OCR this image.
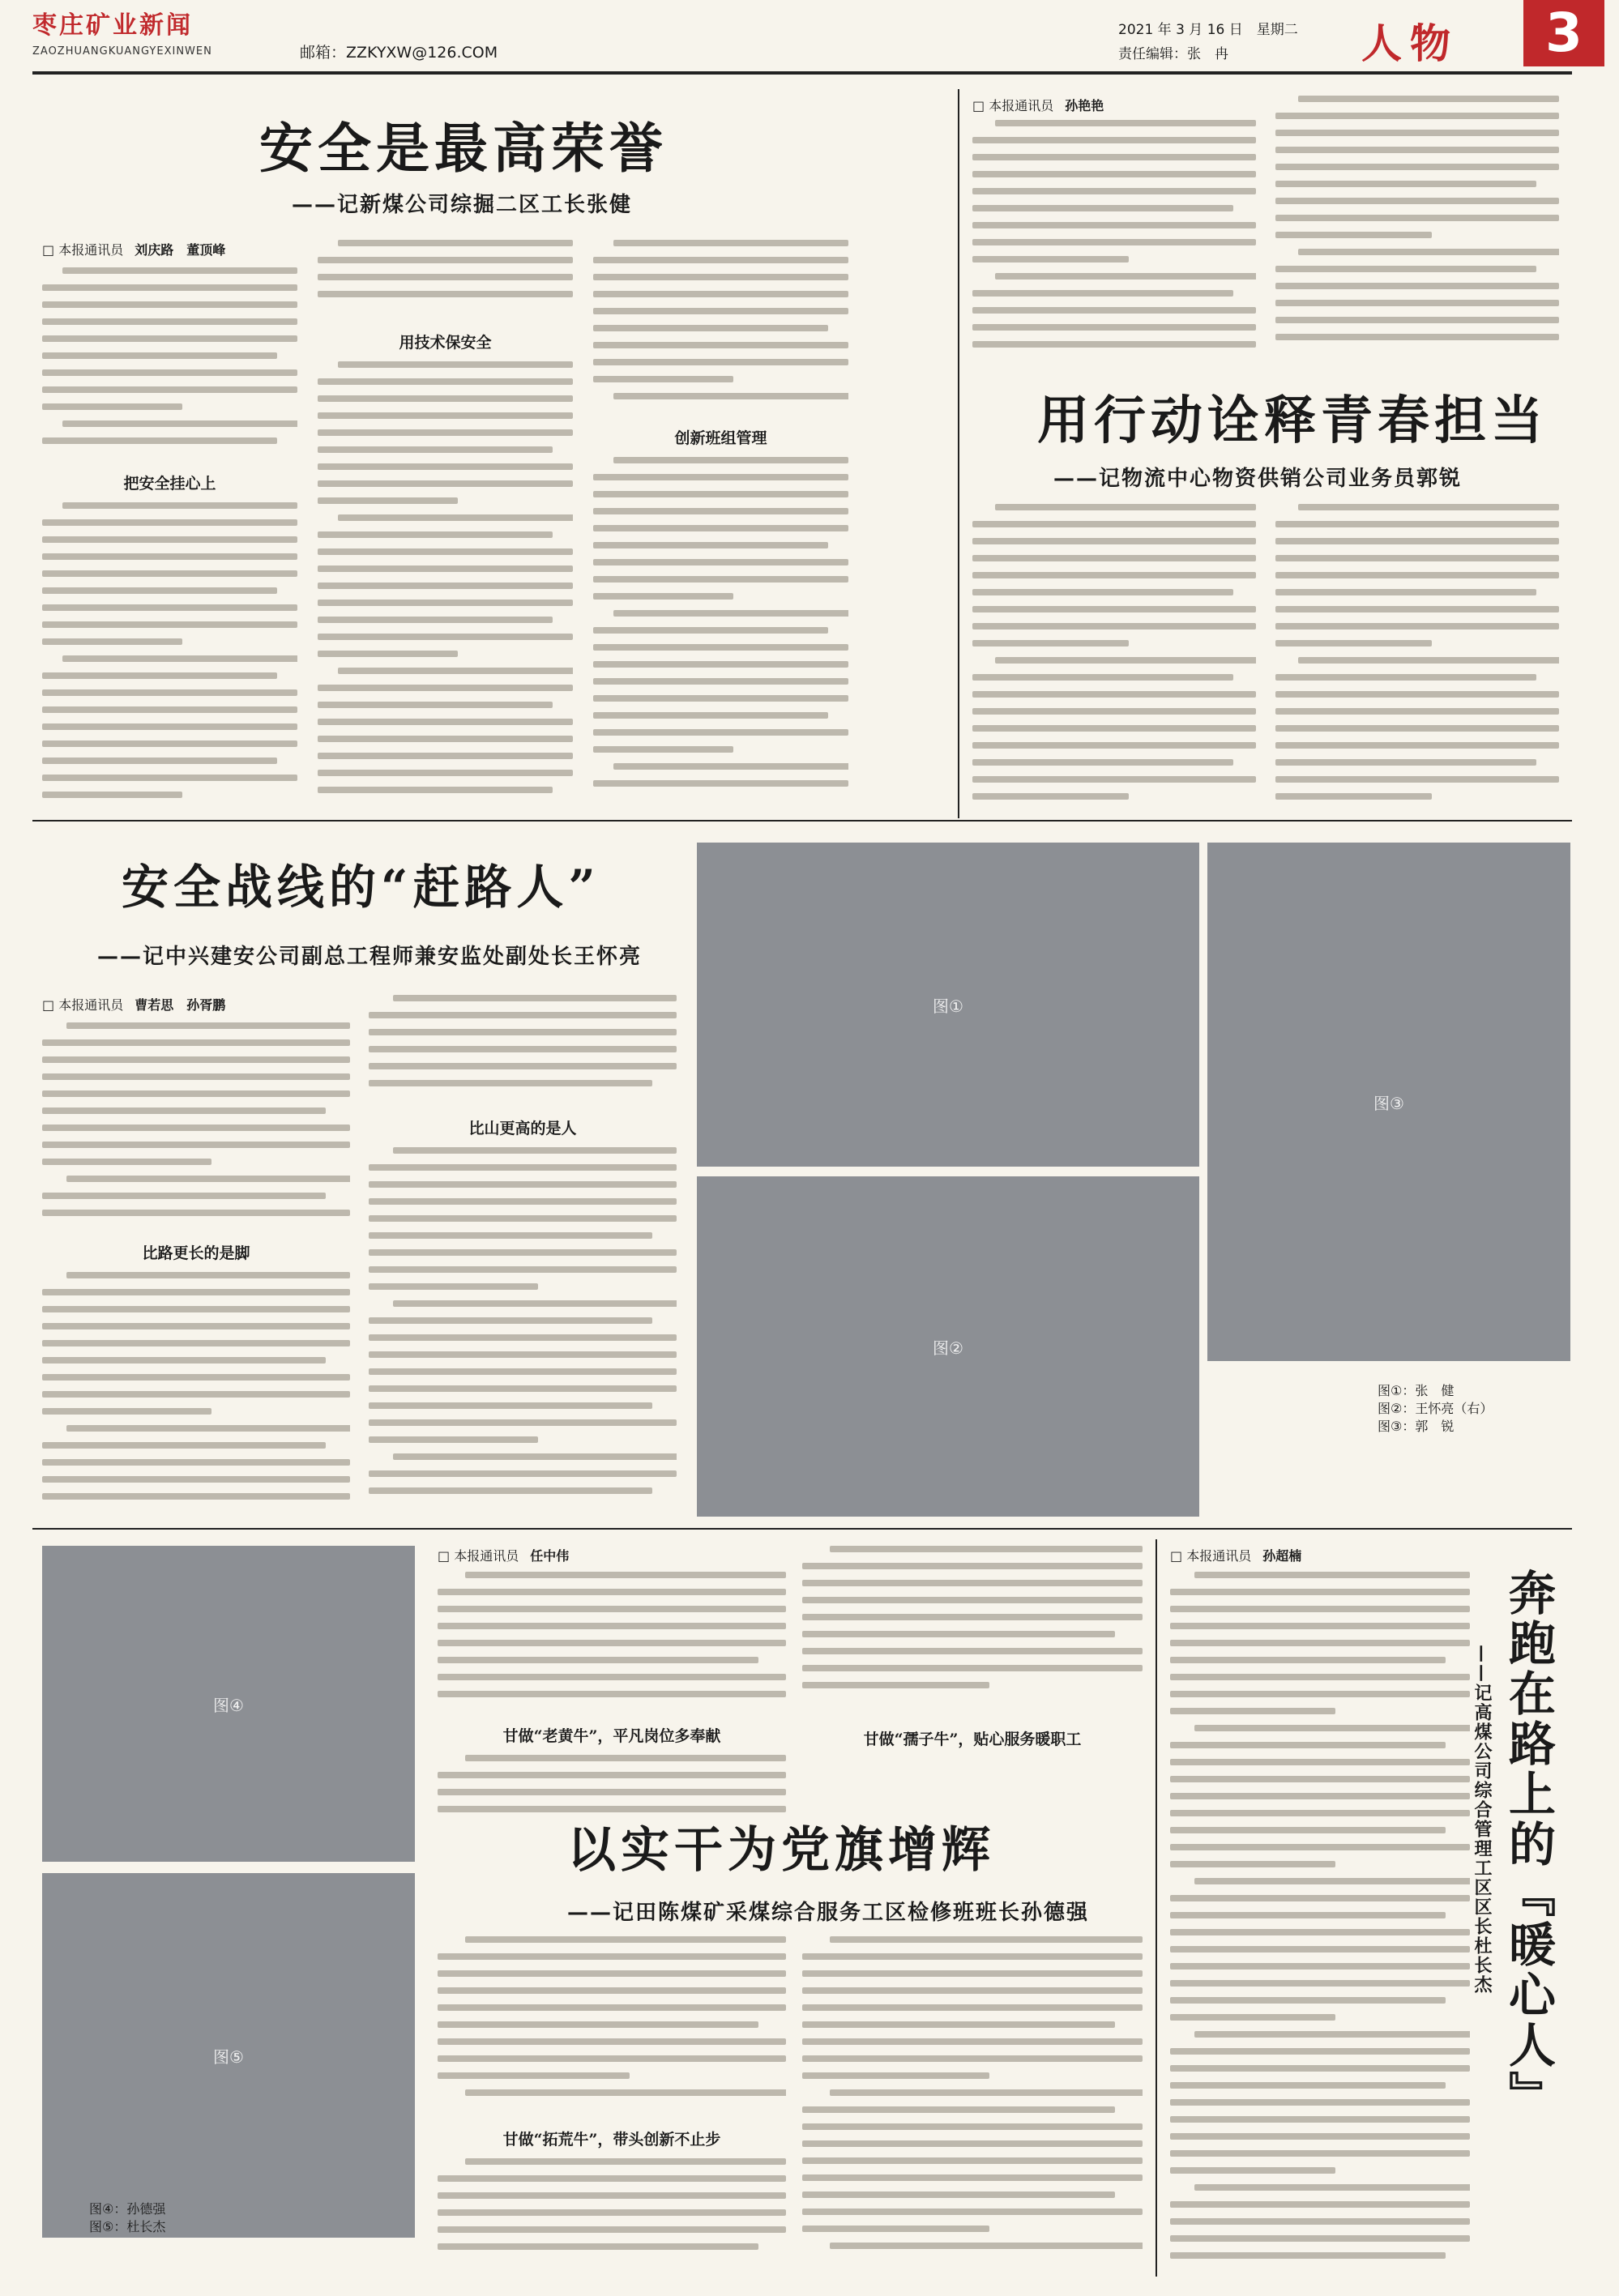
枣庄矿业新闻
ZAOZHUANGKUANGYEXINWEN	邮箱：ZZKYXW@126.COM
2021 年 3 月 16 日　星期二
责任编辑：张　冉	人物	3
安全是最高荣誉
——记新煤公司综掘二区工长张健
□ 本报通讯员 刘庆路　董顶峰
把安全挂心上
用技术保安全
创新班组管理
□ 本报通讯员 孙艳艳
用行动诠释青春担当
——记物流中心物资供销公司业务员郭锐
安全战线的“赶路人”
——记中兴建安公司副总工程师兼安监处副处长王怀亮
□ 本报通讯员 曹若思　孙胥鹏
比路更长的是脚
比山更高的是人
图①
图③
图②
图①：张　健
图②：王怀亮（右）
图③：郭　锐
图④
图⑤
图④：孙德强
图⑤：杜长杰
□ 本报通讯员 任中伟
甘做“老黄牛”，平凡岗位多奉献	甘做“孺子牛”，贴心服务暖职工
以实干为党旗增辉
——记田陈煤矿采煤综合服务工区检修班班长孙德强
甘做“拓荒牛”，带头创新不止步
□ 本报通讯员 孙超楠
奔跑在路上的『暖心人』
——记高煤公司综合管理工区区长杜长杰
